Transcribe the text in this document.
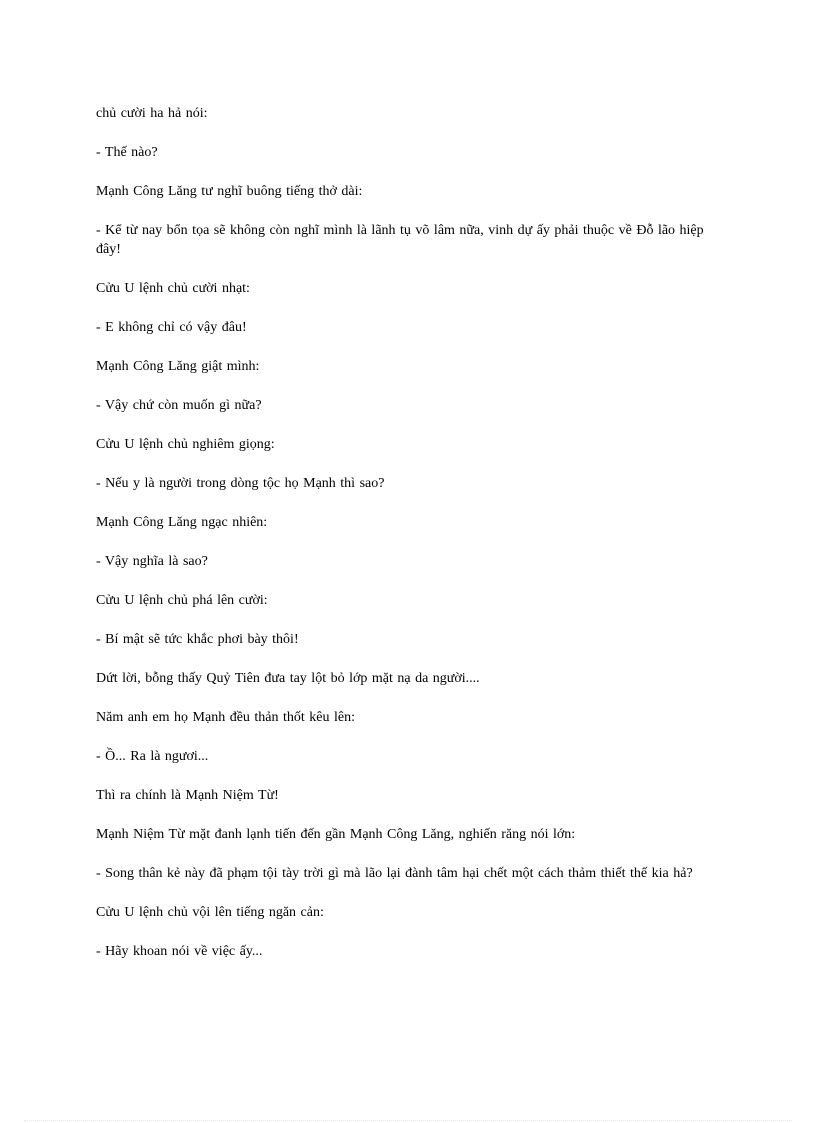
chủ cười ha hả nói:

- Thế nào?

Mạnh Công Lăng tư nghĩ buông tiếng thở dài:

- Kể từ nay bổn tọa sẽ không còn nghĩ mình là lãnh tụ võ lâm nữa, vinh dự ấy phải thuộc về Đỗ lão hiệp đây!

Cửu U lệnh chủ cười nhạt:

- E không chỉ có vậy đâu!

Mạnh Công Lăng giật mình:

- Vậy chứ còn muốn gì nữa?

Cửu U lệnh chủ nghiêm giọng:

- Nếu y là người trong dòng tộc họ Mạnh thì sao?

Mạnh Công Lăng ngạc nhiên:

- Vậy nghĩa là sao?

Cửu U lệnh chủ phá lên cười:

- Bí mật sẽ tức khắc phơi bày thôi!

Dứt lời, bỗng thấy Quỷ Tiên đưa tay lột bỏ lớp mặt nạ da người....

Năm anh em họ Mạnh đều thản thốt kêu lên:

- Ồ... Ra là ngươi...

Thì ra chính là Mạnh Niệm Từ!

Mạnh Niệm Từ mặt đanh lạnh tiến đến gần Mạnh Công Lăng, nghiến răng nói lớn:

- Song thân kẻ này đã phạm tội tày trời gì mà lão lại đành tâm hại chết một cách thảm thiết thế kia hả?

Cửu U lệnh chủ vội lên tiếng ngăn cản:

- Hãy khoan nói về việc ấy...
